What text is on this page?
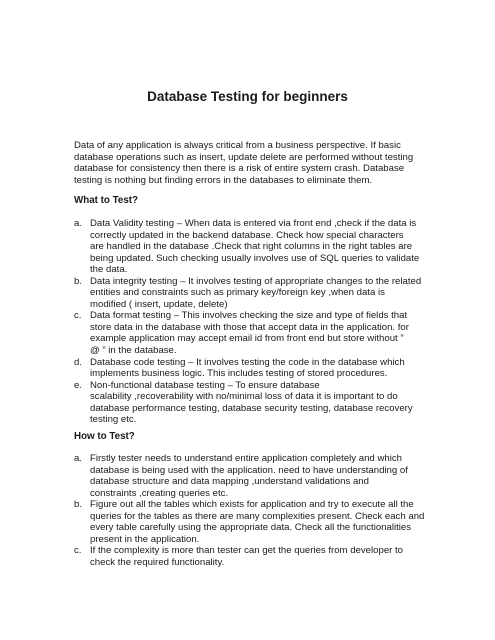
Database Testing for beginners
Data of any application is always critical from a business perspective. If basic
database operations such as insert, update delete are performed without testing
database for consistency then there is a risk of entire system crash. Database
testing is nothing but finding errors in the databases to eliminate them.
What to Test?
a. Data Validity testing – When data is entered via front end ,check if the data is
correctly updated in the backend database. Check how special characters
are handled in the database .Check that right columns in the right tables are
being updated. Such checking usually involves use of SQL queries to validate
the data.
b. Data integrity testing – It involves testing of appropriate changes to the related
entities and constraints such as primary key/foreign key ,when data is
modified ( insert, update, delete)
c. Data format testing – This involves checking the size and type of fields that
store data in the database with those that accept data in the application. for
example application may accept email id from front end but store without ”
@ ” in the database.
d. Database code testing – It involves testing the code in the database which
implements business logic. This includes testing of stored procedures.
e. Non-functional database testing – To ensure database
scalability ,recoverability with no/minimal loss of data it is important to do
database performance testing, database security testing, database recovery
testing etc.
How to Test?
a. Firstly tester needs to understand entire application completely and which
database is being used with the application. need to have understanding of
database structure and data mapping ,understand validations and
constraints ,creating queries etc.
b. Figure out all the tables which exists for application and try to execute all the
queries for the tables as there are many complexities present. Check each and
every table carefully using the appropriate data. Check all the functionalities
present in the application.
c. If the complexity is more than tester can get the queries from developer to
check the required functionality.
